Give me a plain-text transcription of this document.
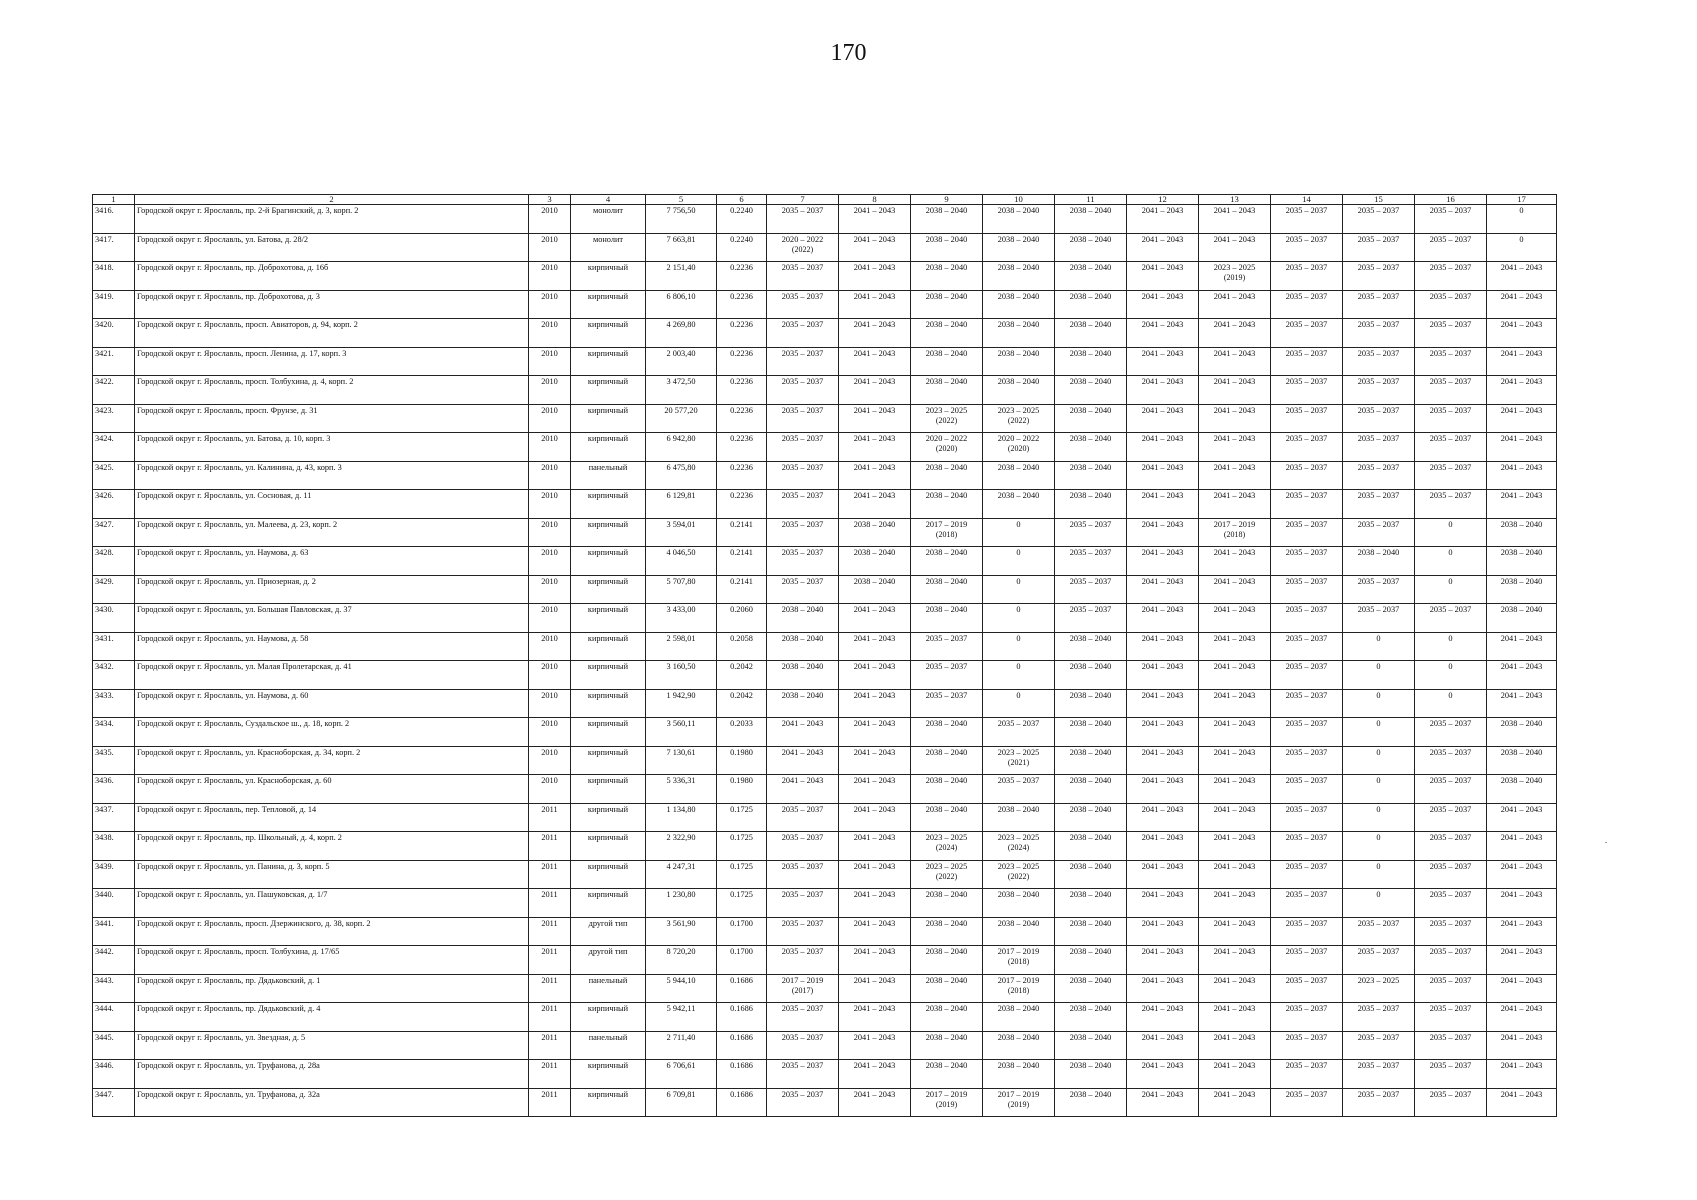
170
1	2	3	4	5	6	7	8	9	10	11	12	13	14	15	16	17
3416.	Городской округ г. Ярославль, пр. 2-й Брагинский, д. 3, корп. 2	2010	монолит	7 756,50	0.2240	2035 – 2037	2041 – 2043	2038 – 2040	2038 – 2040	2038 – 2040	2041 – 2043	2041 – 2043	2035 – 2037	2035 – 2037	2035 – 2037	0
3417.	Городской округ г. Ярославль, ул. Батова, д. 28/2	2010	монолит	7 663,81	0.2240	2020 – 2022
(2022)	2041 – 2043	2038 – 2040	2038 – 2040	2038 – 2040	2041 – 2043	2041 – 2043	2035 – 2037	2035 – 2037	2035 – 2037	0
3418.	Городской округ г. Ярославль, пр. Доброхотова, д. 16б	2010	кирпичный	2 151,40	0.2236	2035 – 2037	2041 – 2043	2038 – 2040	2038 – 2040	2038 – 2040	2041 – 2043	2023 – 2025
(2019)	2035 – 2037	2035 – 2037	2035 – 2037	2041 – 2043
3419.	Городской округ г. Ярославль, пр. Доброхотова, д. 3	2010	кирпичный	6 806,10	0.2236	2035 – 2037	2041 – 2043	2038 – 2040	2038 – 2040	2038 – 2040	2041 – 2043	2041 – 2043	2035 – 2037	2035 – 2037	2035 – 2037	2041 – 2043
3420.	Городской округ г. Ярославль, просп. Авиаторов, д. 94, корп. 2	2010	кирпичный	4 269,80	0.2236	2035 – 2037	2041 – 2043	2038 – 2040	2038 – 2040	2038 – 2040	2041 – 2043	2041 – 2043	2035 – 2037	2035 – 2037	2035 – 2037	2041 – 2043
3421.	Городской округ г. Ярославль, просп. Ленина, д. 17, корп. 3	2010	кирпичный	2 003,40	0.2236	2035 – 2037	2041 – 2043	2038 – 2040	2038 – 2040	2038 – 2040	2041 – 2043	2041 – 2043	2035 – 2037	2035 – 2037	2035 – 2037	2041 – 2043
3422.	Городской округ г. Ярославль, просп. Толбухина, д. 4, корп. 2	2010	кирпичный	3 472,50	0.2236	2035 – 2037	2041 – 2043	2038 – 2040	2038 – 2040	2038 – 2040	2041 – 2043	2041 – 2043	2035 – 2037	2035 – 2037	2035 – 2037	2041 – 2043
3423.	Городской округ г. Ярославль, просп. Фрунзе, д. 31	2010	кирпичный	20 577,20	0.2236	2035 – 2037	2041 – 2043	2023 – 2025
(2022)	2023 – 2025
(2022)	2038 – 2040	2041 – 2043	2041 – 2043	2035 – 2037	2035 – 2037	2035 – 2037	2041 – 2043
3424.	Городской округ г. Ярославль, ул. Батова, д. 10, корп. 3	2010	кирпичный	6 942,80	0.2236	2035 – 2037	2041 – 2043	2020 – 2022
(2020)	2020 – 2022
(2020)	2038 – 2040	2041 – 2043	2041 – 2043	2035 – 2037	2035 – 2037	2035 – 2037	2041 – 2043
3425.	Городской округ г. Ярославль, ул. Калинина, д. 43, корп. 3	2010	панельный	6 475,80	0.2236	2035 – 2037	2041 – 2043	2038 – 2040	2038 – 2040	2038 – 2040	2041 – 2043	2041 – 2043	2035 – 2037	2035 – 2037	2035 – 2037	2041 – 2043
3426.	Городской округ г. Ярославль, ул. Сосновая, д. 11	2010	кирпичный	6 129,81	0.2236	2035 – 2037	2041 – 2043	2038 – 2040	2038 – 2040	2038 – 2040	2041 – 2043	2041 – 2043	2035 – 2037	2035 – 2037	2035 – 2037	2041 – 2043
3427.	Городской округ г. Ярославль, ул. Малеева, д. 23, корп. 2	2010	кирпичный	3 594,01	0.2141	2035 – 2037	2038 – 2040	2017 – 2019
(2018)	0	2035 – 2037	2041 – 2043	2017 – 2019
(2018)	2035 – 2037	2035 – 2037	0	2038 – 2040
3428.	Городской округ г. Ярославль, ул. Наумова, д. 63	2010	кирпичный	4 046,50	0.2141	2035 – 2037	2038 – 2040	2038 – 2040	0	2035 – 2037	2041 – 2043	2041 – 2043	2035 – 2037	2038 – 2040	0	2038 – 2040
3429.	Городской округ г. Ярославль, ул. Приозерная, д. 2	2010	кирпичный	5 707,80	0.2141	2035 – 2037	2038 – 2040	2038 – 2040	0	2035 – 2037	2041 – 2043	2041 – 2043	2035 – 2037	2035 – 2037	0	2038 – 2040
3430.	Городской округ г. Ярославль, ул. Большая Павловская, д. 37	2010	кирпичный	3 433,00	0.2060	2038 – 2040	2041 – 2043	2038 – 2040	0	2035 – 2037	2041 – 2043	2041 – 2043	2035 – 2037	2035 – 2037	2035 – 2037	2038 – 2040
3431.	Городской округ г. Ярославль, ул. Наумова, д. 58	2010	кирпичный	2 598,01	0.2058	2038 – 2040	2041 – 2043	2035 – 2037	0	2038 – 2040	2041 – 2043	2041 – 2043	2035 – 2037	0	0	2041 – 2043
3432.	Городской округ г. Ярославль, ул. Малая Пролетарская, д. 41	2010	кирпичный	3 160,50	0.2042	2038 – 2040	2041 – 2043	2035 – 2037	0	2038 – 2040	2041 – 2043	2041 – 2043	2035 – 2037	0	0	2041 – 2043
3433.	Городской округ г. Ярославль, ул. Наумова, д. 60	2010	кирпичный	1 942,90	0.2042	2038 – 2040	2041 – 2043	2035 – 2037	0	2038 – 2040	2041 – 2043	2041 – 2043	2035 – 2037	0	0	2041 – 2043
3434.	Городской округ г. Ярославль, Суздальское ш., д. 18, корп. 2	2010	кирпичный	3 560,11	0.2033	2041 – 2043	2041 – 2043	2038 – 2040	2035 – 2037	2038 – 2040	2041 – 2043	2041 – 2043	2035 – 2037	0	2035 – 2037	2038 – 2040
3435.	Городской округ г. Ярославль, ул. Красноборская, д. 34, корп. 2	2010	кирпичный	7 130,61	0.1980	2041 – 2043	2041 – 2043	2038 – 2040	2023 – 2025
(2021)	2038 – 2040	2041 – 2043	2041 – 2043	2035 – 2037	0	2035 – 2037	2038 – 2040
3436.	Городской округ г. Ярославль, ул. Красноборская, д. 60	2010	кирпичный	5 336,31	0.1980	2041 – 2043	2041 – 2043	2038 – 2040	2035 – 2037	2038 – 2040	2041 – 2043	2041 – 2043	2035 – 2037	0	2035 – 2037	2038 – 2040
3437.	Городской округ г. Ярославль, пер. Тепловой, д. 14	2011	кирпичный	1 134,80	0.1725	2035 – 2037	2041 – 2043	2038 – 2040	2038 – 2040	2038 – 2040	2041 – 2043	2041 – 2043	2035 – 2037	0	2035 – 2037	2041 – 2043
3438.	Городской округ г. Ярославль, пр. Школьный, д. 4, корп. 2	2011	кирпичный	2 322,90	0.1725	2035 – 2037	2041 – 2043	2023 – 2025
(2024)	2023 – 2025
(2024)	2038 – 2040	2041 – 2043	2041 – 2043	2035 – 2037	0	2035 – 2037	2041 – 2043
3439.	Городской округ г. Ярославль, ул. Панина, д. 3, корп. 5	2011	кирпичный	4 247,31	0.1725	2035 – 2037	2041 – 2043	2023 – 2025
(2022)	2023 – 2025
(2022)	2038 – 2040	2041 – 2043	2041 – 2043	2035 – 2037	0	2035 – 2037	2041 – 2043
3440.	Городской округ г. Ярославль, ул. Пашуковская, д. 1/7	2011	кирпичный	1 230,80	0.1725	2035 – 2037	2041 – 2043	2038 – 2040	2038 – 2040	2038 – 2040	2041 – 2043	2041 – 2043	2035 – 2037	0	2035 – 2037	2041 – 2043
3441.	Городской округ г. Ярославль, просп. Дзержинского, д. 38, корп. 2	2011	другой тип	3 561,90	0.1700	2035 – 2037	2041 – 2043	2038 – 2040	2038 – 2040	2038 – 2040	2041 – 2043	2041 – 2043	2035 – 2037	2035 – 2037	2035 – 2037	2041 – 2043
3442.	Городской округ г. Ярославль, просп. Толбухина, д. 17/65	2011	другой тип	8 720,20	0.1700	2035 – 2037	2041 – 2043	2038 – 2040	2017 – 2019
(2018)	2038 – 2040	2041 – 2043	2041 – 2043	2035 – 2037	2035 – 2037	2035 – 2037	2041 – 2043
3443.	Городской округ г. Ярославль, пр. Дядьковский, д. 1	2011	панельный	5 944,10	0.1686	2017 – 2019
(2017)	2041 – 2043	2038 – 2040	2017 – 2019
(2018)	2038 – 2040	2041 – 2043	2041 – 2043	2035 – 2037	2023 – 2025	2035 – 2037	2041 – 2043
3444.	Городской округ г. Ярославль, пр. Дядьковский, д. 4	2011	кирпичный	5 942,11	0.1686	2035 – 2037	2041 – 2043	2038 – 2040	2038 – 2040	2038 – 2040	2041 – 2043	2041 – 2043	2035 – 2037	2035 – 2037	2035 – 2037	2041 – 2043
3445.	Городской округ г. Ярославль, ул. Звездная, д. 5	2011	панельный	2 711,40	0.1686	2035 – 2037	2041 – 2043	2038 – 2040	2038 – 2040	2038 – 2040	2041 – 2043	2041 – 2043	2035 – 2037	2035 – 2037	2035 – 2037	2041 – 2043
3446.	Городской округ г. Ярославль, ул. Труфанова, д. 28а	2011	кирпичный	6 706,61	0.1686	2035 – 2037	2041 – 2043	2038 – 2040	2038 – 2040	2038 – 2040	2041 – 2043	2041 – 2043	2035 – 2037	2035 – 2037	2035 – 2037	2041 – 2043
3447.	Городской округ г. Ярославль, ул. Труфанова, д. 32а	2011	кирпичный	6 709,81	0.1686	2035 – 2037	2041 – 2043	2017 – 2019
(2019)	2017 – 2019
(2019)	2038 – 2040	2041 – 2043	2041 – 2043	2035 – 2037	2035 – 2037	2035 – 2037	2041 – 2043
